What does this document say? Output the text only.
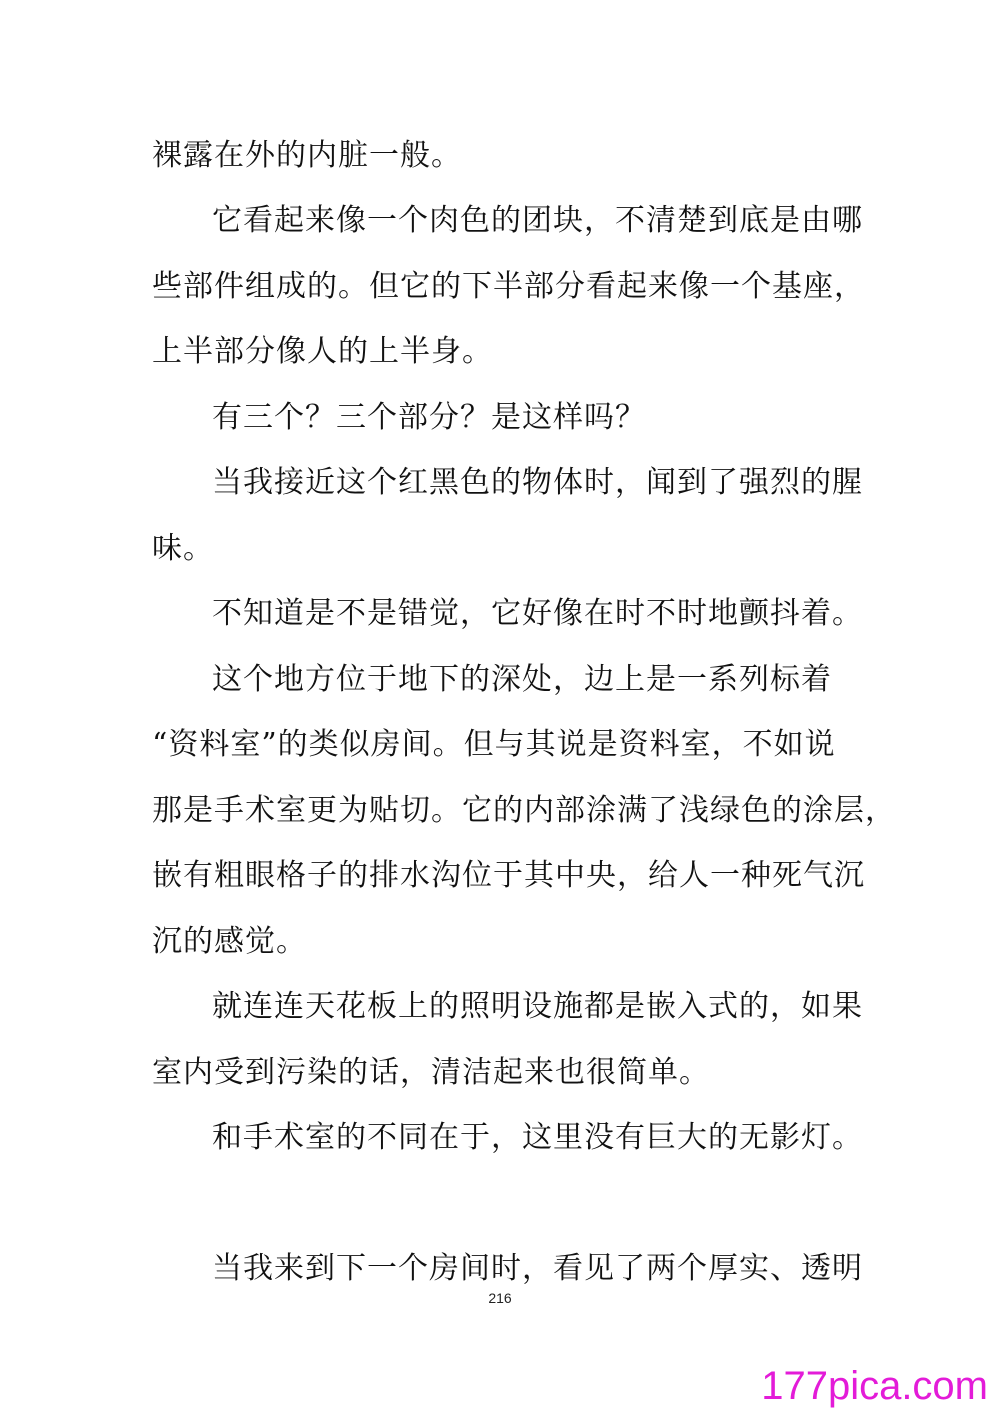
裸露在外的内脏一般。
它看起来像一个肉色的团块，不清楚到底是由哪
些部件组成的。但它的下半部分看起来像一个基座，
上半部分像人的上半身。
有三个？三个部分？是这样吗？
当我接近这个红黑色的物体时，闻到了强烈的腥
味。
不知道是不是错觉，它好像在时不时地颤抖着。
这个地方位于地下的深处，边上是一系列标着
“资料室”的类似房间。但与其说是资料室，不如说
那是手术室更为贴切。它的内部涂满了浅绿色的涂层，
嵌有粗眼格子的排水沟位于其中央，给人一种死气沉
沉的感觉。
就连连天花板上的照明设施都是嵌入式的，如果
室内受到污染的话，清洁起来也很简单。
和手术室的不同在于，这里没有巨大的无影灯。
当我来到下一个房间时，看见了两个厚实、透明
216
177pica.com
